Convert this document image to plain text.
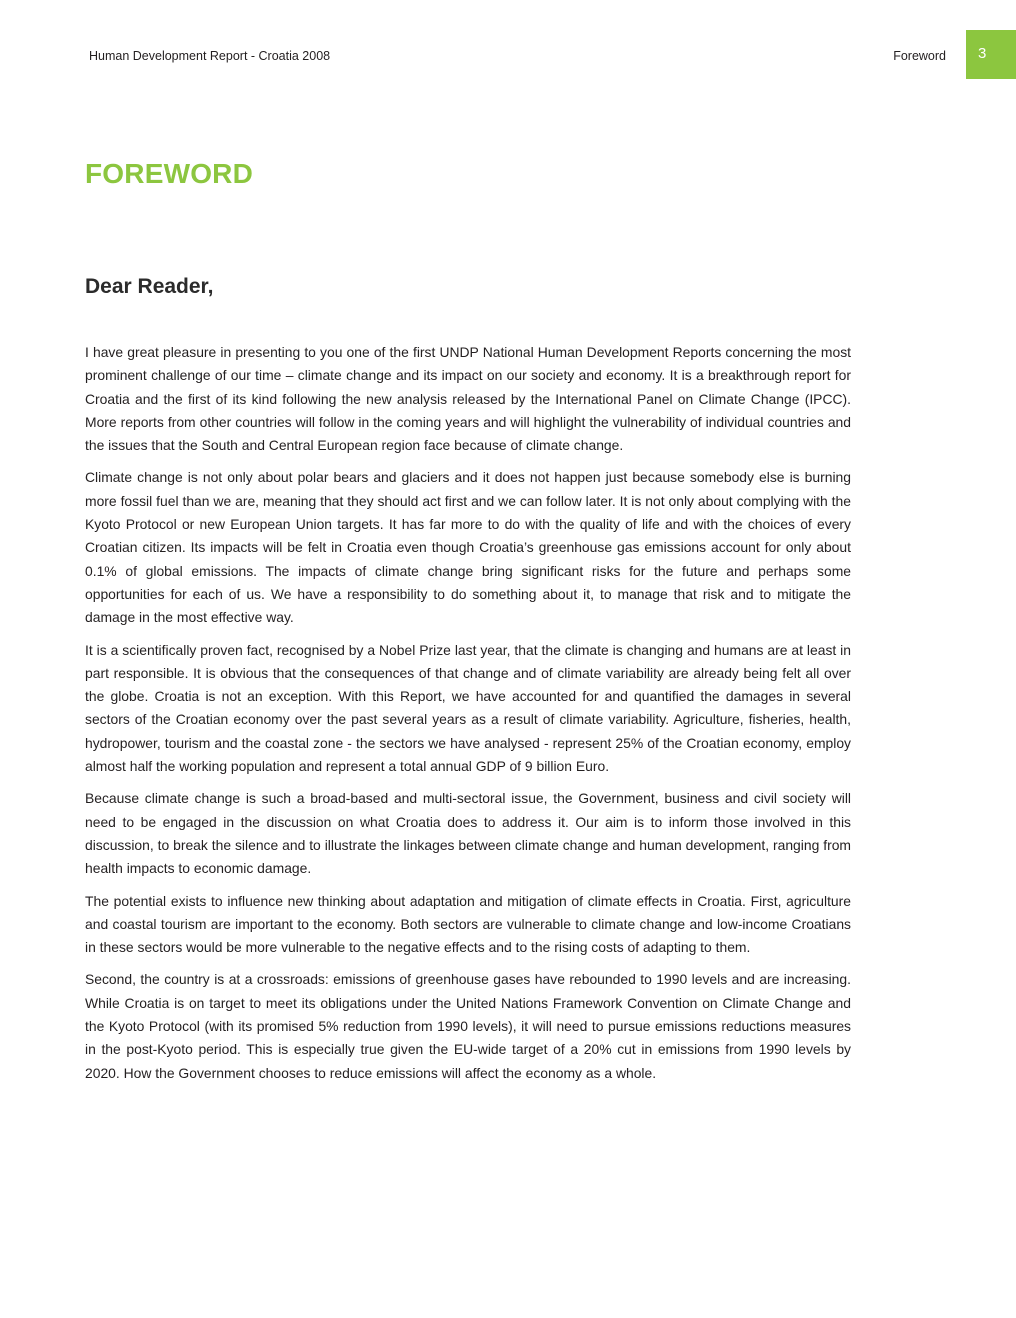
Human Development Report - Croatia 2008	Foreword	3
FOREWORD
Dear Reader,

I have great pleasure in presenting to you one of the first UNDP National Human Development Reports concerning the most prominent challenge of our time – climate change and its impact on our society and economy. It is a breakthrough report for Croatia and the first of its kind following the new analysis released by the International Panel on Climate Change (IPCC). More reports from other countries will follow in the coming years and will highlight the vulnerability of individual countries and the issues that the South and Central European region face because of climate change.

Climate change is not only about polar bears and glaciers and it does not happen just because somebody else is burning more fossil fuel than we are, meaning that they should act first and we can follow later. It is not only about complying with the Kyoto Protocol or new European Union targets. It has far more to do with the quality of life and with the choices of every Croatian citizen. Its impacts will be felt in Croatia even though Croatia’s greenhouse gas emissions account for only about 0.1% of global emissions. The impacts of climate change bring significant risks for the future and perhaps some opportunities for each of us. We have a responsibility to do something about it, to manage that risk and to mitigate the damage in the most effective way.

It is a scientifically proven fact, recognised by a Nobel Prize last year, that the climate is changing and humans are at least in part responsible. It is obvious that the consequences of that change and of climate variability are already being felt all over the globe. Croatia is not an exception. With this Report, we have accounted for and quantified the damages in several sectors of the Croatian economy over the past several years as a result of climate variability. Agriculture, fisheries, health, hydropower, tourism and the coastal zone - the sectors we have analysed - represent 25% of the Croatian economy, employ almost half the working population and represent a total annual GDP of 9 billion Euro.

Because climate change is such a broad-based and multi-sectoral issue, the Government, business and civil society will need to be engaged in the discussion on what Croatia does to address it. Our aim is to inform those involved in this discussion, to break the silence and to illustrate the linkages between climate change and human development, ranging from health impacts to economic damage.

The potential exists to influence new thinking about adaptation and mitigation of climate effects in Croatia. First, agriculture and coastal tourism are important to the economy. Both sectors are vulnerable to climate change and low-income Croatians in these sectors would be more vulnerable to the negative effects and to the rising costs of adapting to them.

Second, the country is at a crossroads: emissions of greenhouse gases have rebounded to 1990 levels and are increasing. While Croatia is on target to meet its obligations under the United Nations Framework Convention on Climate Change and the Kyoto Protocol (with its promised 5% reduction from 1990 levels), it will need to pursue emissions reductions measures in the post-Kyoto period. This is especially true given the EU-wide target of a 20% cut in emissions from 1990 levels by 2020. How the Government chooses to reduce emissions will affect the economy as a whole.
